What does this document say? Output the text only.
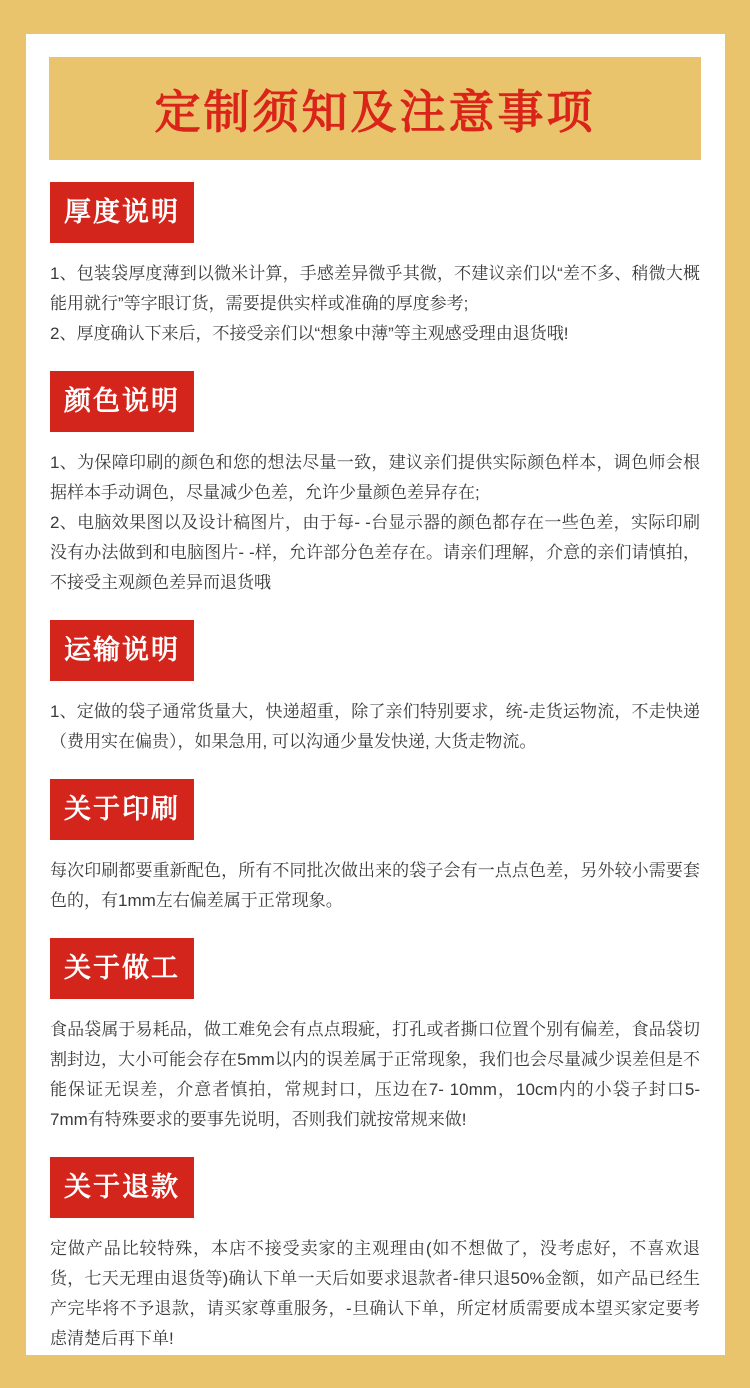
定制须知及注意事项
厚度说明

1、包装袋厚度薄到以微米计算，手感差异微乎其微，不建议亲们以“差不多、稍微大概能用就行”等字眼订货，需要提供实样或准确的厚度参考;

2、厚度确认下来后，不接受亲们以“想象中薄”等主观感受理由退货哦!

颜色说明

1、为保障印刷的颜色和您的想法尽量一致，建议亲们提供实际颜色样本，调色师会根据样本手动调色，尽量减少色差，允许少量颜色差异存在;

2、电脑效果图以及设计稿图片，由于每- -台显示器的颜色都存在一些色差，实际印刷没有办法做到和电脑图片- -样，允许部分色差存在。请亲们理解，介意的亲们请慎拍，不接受主观颜色差异而退货哦

运输说明

1、定做的袋子通常货量大，快递超重，除了亲们特别要求，统-走货运物流，不走快递（费用实在偏贵），如果急用, 可以沟通少量发快递, 大货走物流。

关于印刷

每次印刷都要重新配色，所有不同批次做出来的袋子会有一点点色差，另外较小需要套色的，有1mm左右偏差属于正常现象。

关于做工

食品袋属于易耗品，做工难免会有点点瑕疵，打孔或者撕口位置个别有偏差，食品袋切割封边，大小可能会存在5mm以内的误差属于正常现象，我们也会尽量减少误差但是不能保证无误差，介意者慎拍，常规封口，压边在7- 10mm，10cm内的小袋子封口5- 7mm有特殊要求的要事先说明，否则我们就按常规来做!

关于退款

定做产品比较特殊，本店不接受卖家的主观理由(如不想做了，没考虑好，不喜欢退货，七天无理由退货等)确认下单一天后如要求退款者-律只退50%金额，如产品已经生产完毕将不予退款，请买家尊重服务，-旦确认下单，所定材质需要成本望买家定要考虑清楚后再下单!
